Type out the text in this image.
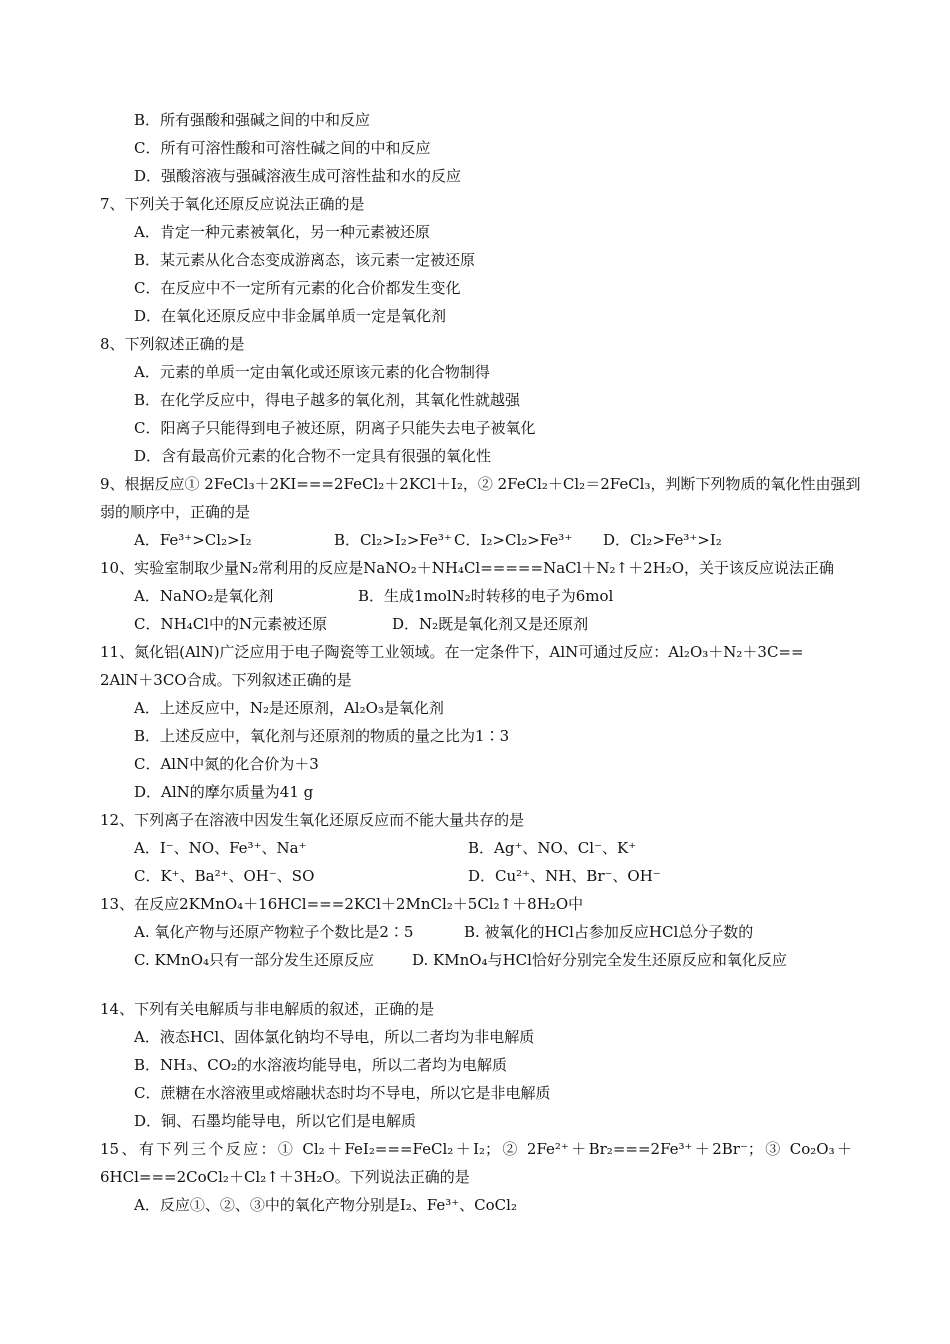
B．所有强酸和强碱之间的中和反应
C．所有可溶性酸和可溶性碱之间的中和反应
D．强酸溶液与强碱溶液生成可溶性盐和水的反应
7、下列关于氧化还原反应说法正确的是
A．肯定一种元素被氧化，另一种元素被还原
B．某元素从化合态变成游离态，该元素一定被还原
C．在反应中不一定所有元素的化合价都发生变化
D．在氧化还原反应中非金属单质一定是氧化剂
8、下列叙述正确的是
A．元素的单质一定由氧化或还原该元素的化合物制得
B．在化学反应中，得电子越多的氧化剂，其氧化性就越强
C．阳离子只能得到电子被还原，阴离子只能失去电子被氧化
D．含有最高价元素的化合物不一定具有很强的氧化性
9、根据反应① 2FeCl₃＋2KI===2FeCl₂＋2KCl＋I₂，② 2FeCl₂＋Cl₂＝2FeCl₃，判断下列物质的氧化性由强到
弱的顺序中，正确的是
A．Fe³⁺>Cl₂>I₂	B．Cl₂>I₂>Fe³⁺ C．I₂>Cl₂>Fe³⁺ D．Cl₂>Fe³⁺>I₂
10、实验室制取少量N₂常利用的反应是NaNO₂＋NH₄Cl=====NaCl＋N₂↑＋2H₂O，关于该反应说法正确
A．NaNO₂是氧化剂	B．生成1molN₂时转移的电子为6mol
C．NH₄Cl中的N元素被还原	D．N₂既是氧化剂又是还原剂
11、氮化铝(AlN)广泛应用于电子陶瓷等工业领域。在一定条件下，AlN可通过反应：Al₂O₃＋N₂＋3C==
2AlN＋3CO合成。下列叙述正确的是
A．上述反应中，N₂是还原剂，Al₂O₃是氧化剂
B．上述反应中，氧化剂与还原剂的物质的量之比为1∶3
C．AlN中氮的化合价为＋3
D．AlN的摩尔质量为41 g
12、下列离子在溶液中因发生氧化还原反应而不能大量共存的是
A．I⁻、NO、Fe³⁺、Na⁺	B．Ag⁺、NO、Cl⁻、K⁺
C．K⁺、Ba²⁺、OH⁻、SO	D．Cu²⁺、NH、Br⁻、OH⁻
13、在反应2KMnO₄＋16HCl===2KCl＋2MnCl₂＋5Cl₂↑＋8H₂O中
A. 氧化产物与还原产物粒子个数比是2∶5	B. 被氧化的HCl占参加反应HCl总分子数的
C. KMnO₄只有一部分发生还原反应	D. KMnO₄与HCl恰好分别完全发生还原反应和氧化反应
14、下列有关电解质与非电解质的叙述，正确的是
A．液态HCl、固体氯化钠均不导电，所以二者均为非电解质
B．NH₃、CO₂的水溶液均能导电，所以二者均为电解质
C．蔗糖在水溶液里或熔融状态时均不导电，所以它是非电解质
D．铜、石墨均能导电，所以它们是电解质
15、有下列三个反应：① Cl₂＋FeI₂===FeCl₂＋I₂；② 2Fe²⁺＋Br₂===2Fe³⁺＋2Br⁻；③ Co₂O₃＋
6HCl===2CoCl₂＋Cl₂↑＋3H₂O。下列说法正确的是
A．反应①、②、③中的氧化产物分别是I₂、Fe³⁺、CoCl₂
